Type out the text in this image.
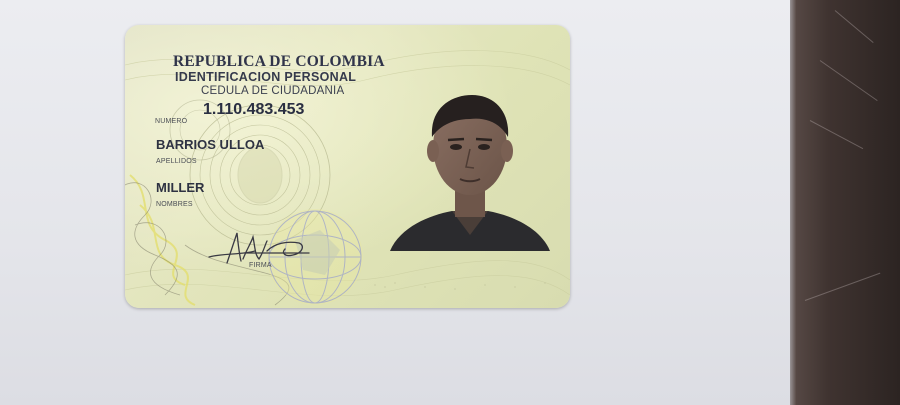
REPUBLICA DE COLOMBIA
IDENTIFICACION PERSONAL
CEDULA DE CIUDADANIA
NUMERO
1.110.483.453
BARRIOS ULLOA
APELLIDOS
MILLER
NOMBRES
FIRMA
